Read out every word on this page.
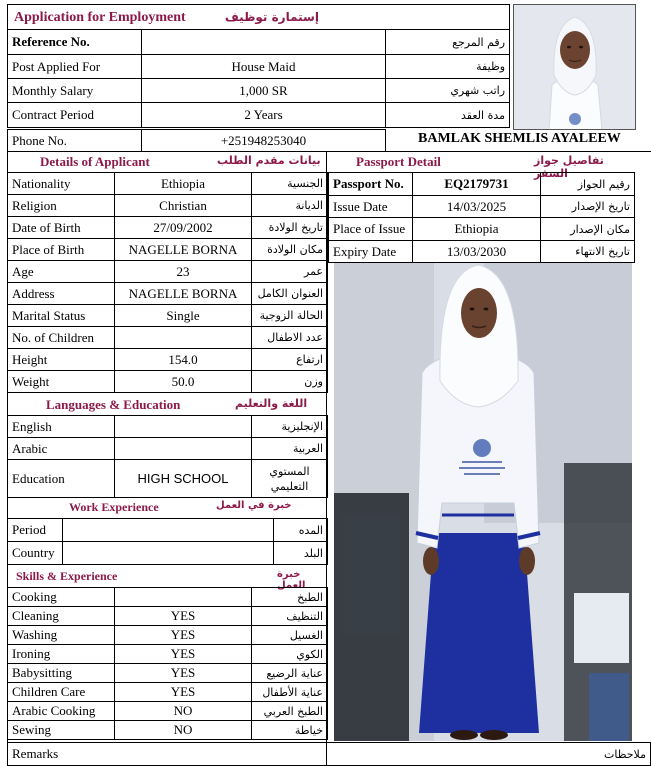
Application for Employment إستمارة توظيف		
Reference No.		رقم المرجع
Post Applied For	House Maid	وظيفة
Monthly Salary	1,000 SR	راتب شهري
Contract Period	2 Years	مدة العقد
Phone No.	+251948253040		BAMLAK SHEMLIS AYALEEW
Details of Applicant	بيانات مقدم الطلب
Nationality	Ethiopia	الجنسية
Religion	Christian	الديانة
Date of Birth	27/09/2002	تاريخ الولادة
Place of Birth	NAGELLE BORNA	مكان الولادة
Age	23	عمر
Address	NAGELLE BORNA	العنوان الكامل
Marital Status	Single	الحالة الزوجية
No. of Children		عدد الاطفال
Height	154.0	ارتفاع
Weight	50.0	وزن
Languages & Education	اللغة والتعليم
English		الإنجليزية
Arabic		العربية
Education	HIGH SCHOOL	المستوي
التعليمي
Work Experience	خبرة في العمل
Period		المده
Country		البلد
Skills & Experience	خبرة العمل
Cooking		الطبخ
Cleaning	YES	التنظيف
Washing	YES	الغسيل
Ironing	YES	الكوي
Babysitting	YES	عناية الرضيع
Children Care	YES	عناية الأطفال
Arabic Cooking	NO	الطبخ العربي
Sewing	NO	خياطة
Remarks	ملاحظات
Passport Detail	تفاصيل جواز السفر
Passport No.	EQ2179731	رقيم الجواز
Issue Date	14/03/2025	تاريخ الإصدار
Place of Issue	Ethiopia	مكان الإصدار
Expiry Date	13/03/2030	تاريخ الانتهاء
